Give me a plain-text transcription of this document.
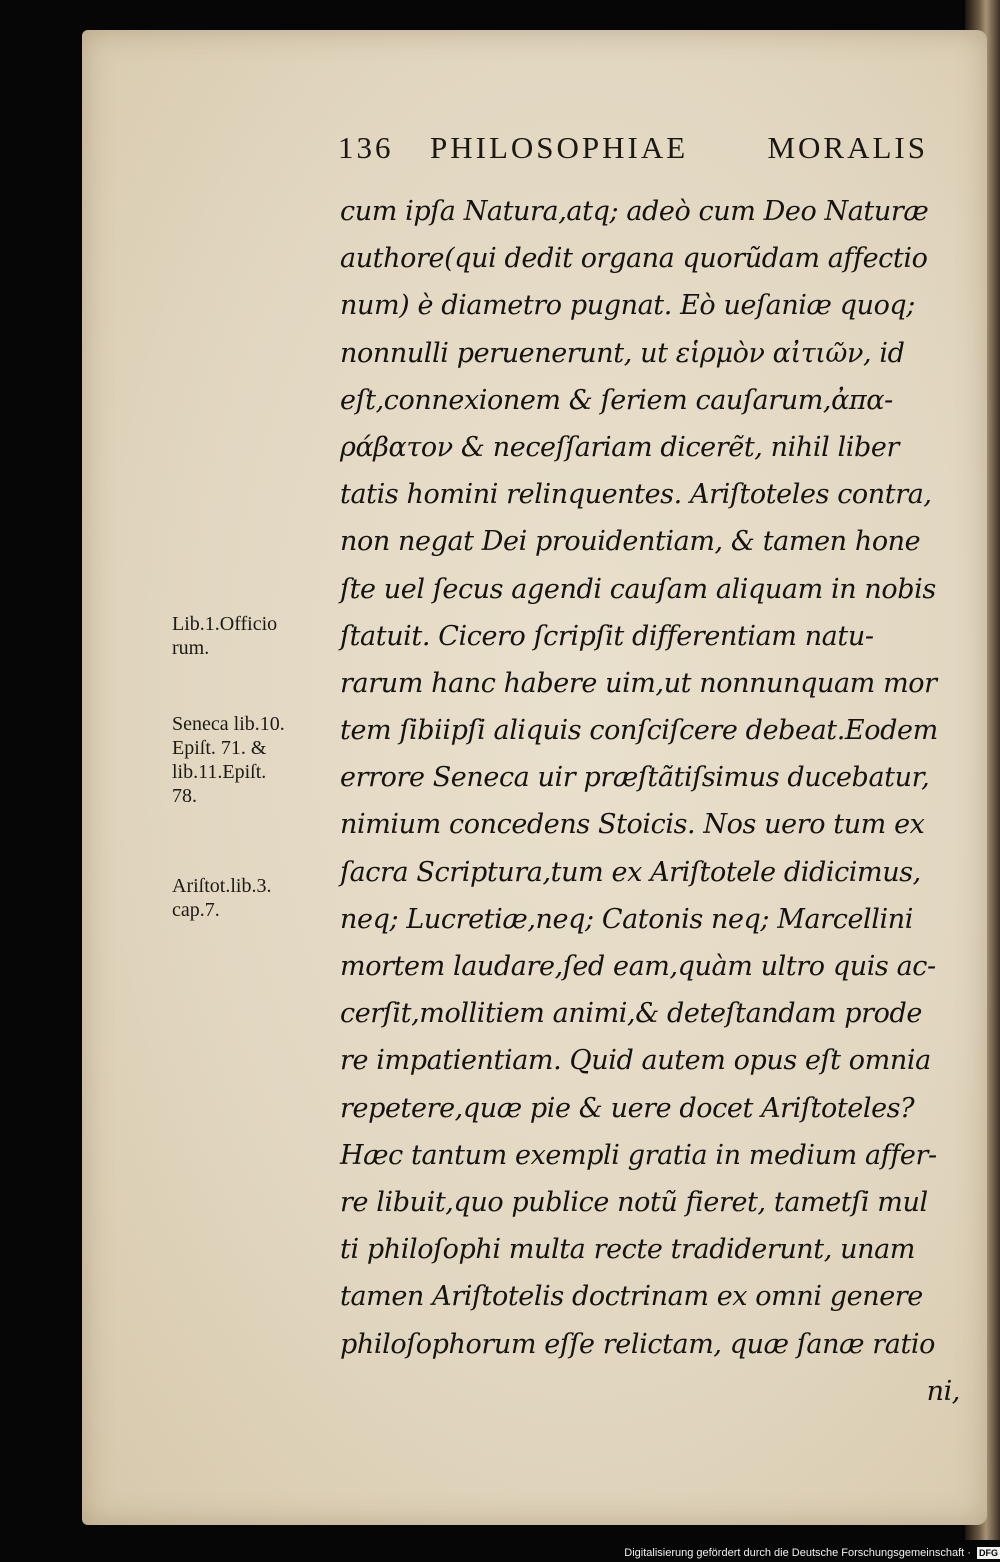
136 PHILOSOPHIAE	MORALIS
cum ipſa Natura,atq; adeò cum Deo Naturæ
authore(qui dedit organa quorũdam affectio
num) è diametro pugnat. Eò ueſaniæ quoq;
nonnulli peruenerunt, ut εἱρμὸν αἰτιῶν, id
eſt,connexionem & ſeriem cauſarum,ἀπα-
ράβατον & neceſſariam dicerẽt, nihil liber
tatis homini relinquentes. Ariſtoteles contra,
non negat Dei prouidentiam, & tamen hone
ſte uel ſecus agendi cauſam aliquam in nobis
ſtatuit. Cicero ſcripſit differentiam natu-
rarum hanc habere uim,ut nonnunquam mor
tem ſibiipſi aliquis conſciſcere debeat.Eodem
errore Seneca uir præſtãtiſsimus ducebatur,
nimium concedens Stoicis. Nos uero tum ex
ſacra Scriptura,tum ex Ariſtotele didicimus,
neq; Lucretiæ,neq; Catonis neq; Marcellini
mortem laudare,ſed eam,quàm ultro quis ac-
cerſit,mollitiem animi,& deteſtandam prode
re impatientiam. Quid autem opus eſt omnia
repetere,quæ pie & uere docet Ariſtoteles?
Hæc tantum exempli gratia in medium affer-
re libuit,quo publice notũ fieret, tametſi mul
ti philoſophi multa recte tradiderunt, unam
tamen Ariſtotelis doctrinam ex omni genere
philoſophorum eſſe relictam, quæ ſanæ ratio
ni,
Lib.1.Officio
rum.
Seneca lib.10.
Epiſt. 71. &
lib.11.Epiſt.
78.
Ariſtot.lib.3.
cap.7.
Digitalisierung gefördert durch die Deutsche Forschungsgemeinschaft · DFG
